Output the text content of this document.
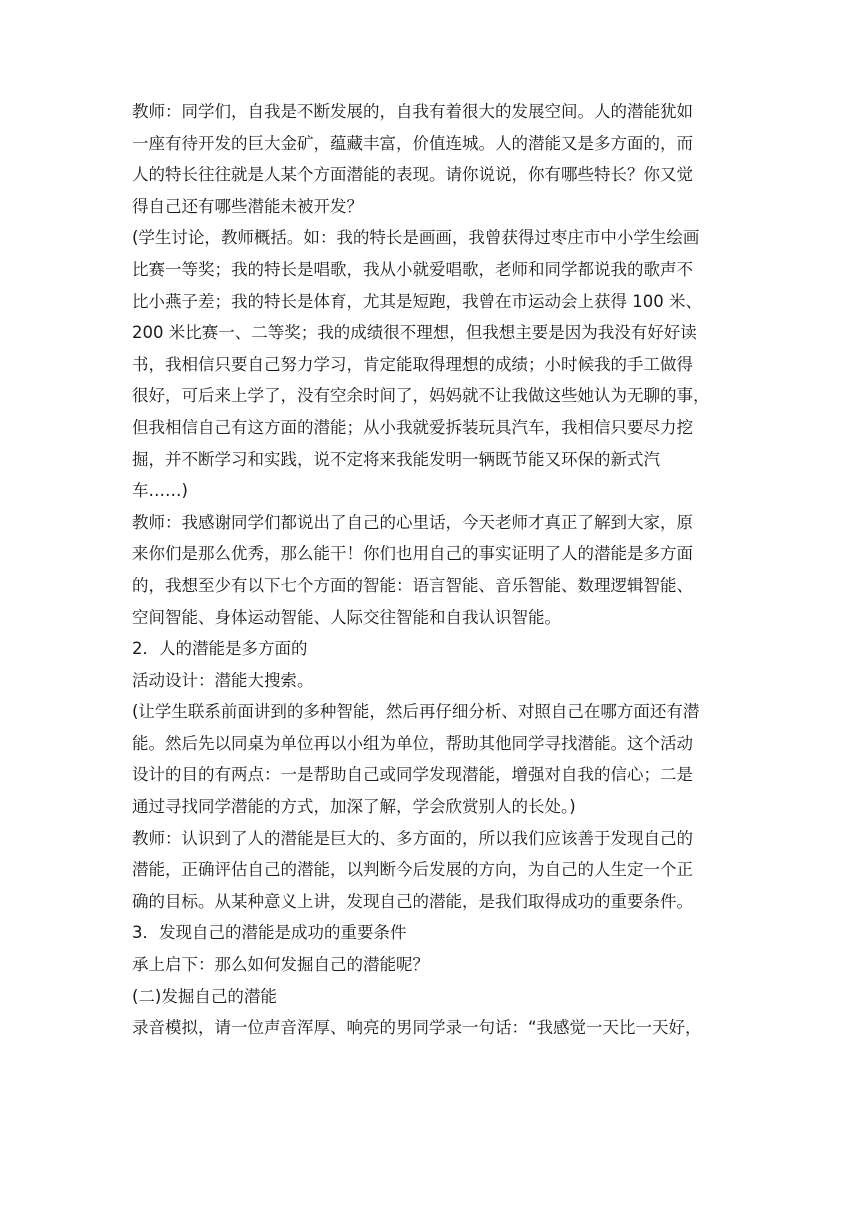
教师：同学们，自我是不断发展的，自我有着很大的发展空间。人的潜能犹如
一座有待开发的巨大金矿，蕴藏丰富，价值连城。人的潜能又是多方面的，而
人的特长往往就是人某个方面潜能的表现。请你说说，你有哪些特长？你又觉
得自己还有哪些潜能未被开发？
(学生讨论，教师概括。如：我的特长是画画，我曾获得过枣庄市中小学生绘画
比赛一等奖；我的特长是唱歌，我从小就爱唱歌，老师和同学都说我的歌声不
比小燕子差；我的特长是体育，尤其是短跑，我曾在市运动会上获得 100 米、
200 米比赛一、二等奖；我的成绩很不理想，但我想主要是因为我没有好好读
书，我相信只要自己努力学习，肯定能取得理想的成绩；小时候我的手工做得
很好，可后来上学了，没有空余时间了，妈妈就不让我做这些她认为无聊的事，
但我相信自己有这方面的潜能；从小我就爱拆装玩具汽车，我相信只要尽力挖
掘，并不断学习和实践，说不定将来我能发明一辆既节能又环保的新式汽
车……)
教师：我感谢同学们都说出了自己的心里话，今天老师才真正了解到大家，原
来你们是那么优秀，那么能干！你们也用自己的事实证明了人的潜能是多方面
的，我想至少有以下七个方面的智能：语言智能、音乐智能、数理逻辑智能、
空间智能、身体运动智能、人际交往智能和自我认识智能。
2．人的潜能是多方面的
活动设计：潜能大搜索。
(让学生联系前面讲到的多种智能，然后再仔细分析、对照自己在哪方面还有潜
能。然后先以同桌为单位再以小组为单位，帮助其他同学寻找潜能。这个活动
设计的目的有两点：一是帮助自己或同学发现潜能，增强对自我的信心；二是
通过寻找同学潜能的方式，加深了解，学会欣赏别人的长处。)
教师：认识到了人的潜能是巨大的、多方面的，所以我们应该善于发现自己的
潜能，正确评估自己的潜能，以判断今后发展的方向，为自己的人生定一个正
确的目标。从某种意义上讲，发现自己的潜能，是我们取得成功的重要条件。
3．发现自己的潜能是成功的重要条件
承上启下：那么如何发掘自己的潜能呢？
(二)发掘自己的潜能
录音模拟，请一位声音浑厚、响亮的男同学录一句话：“我感觉一天比一天好，
